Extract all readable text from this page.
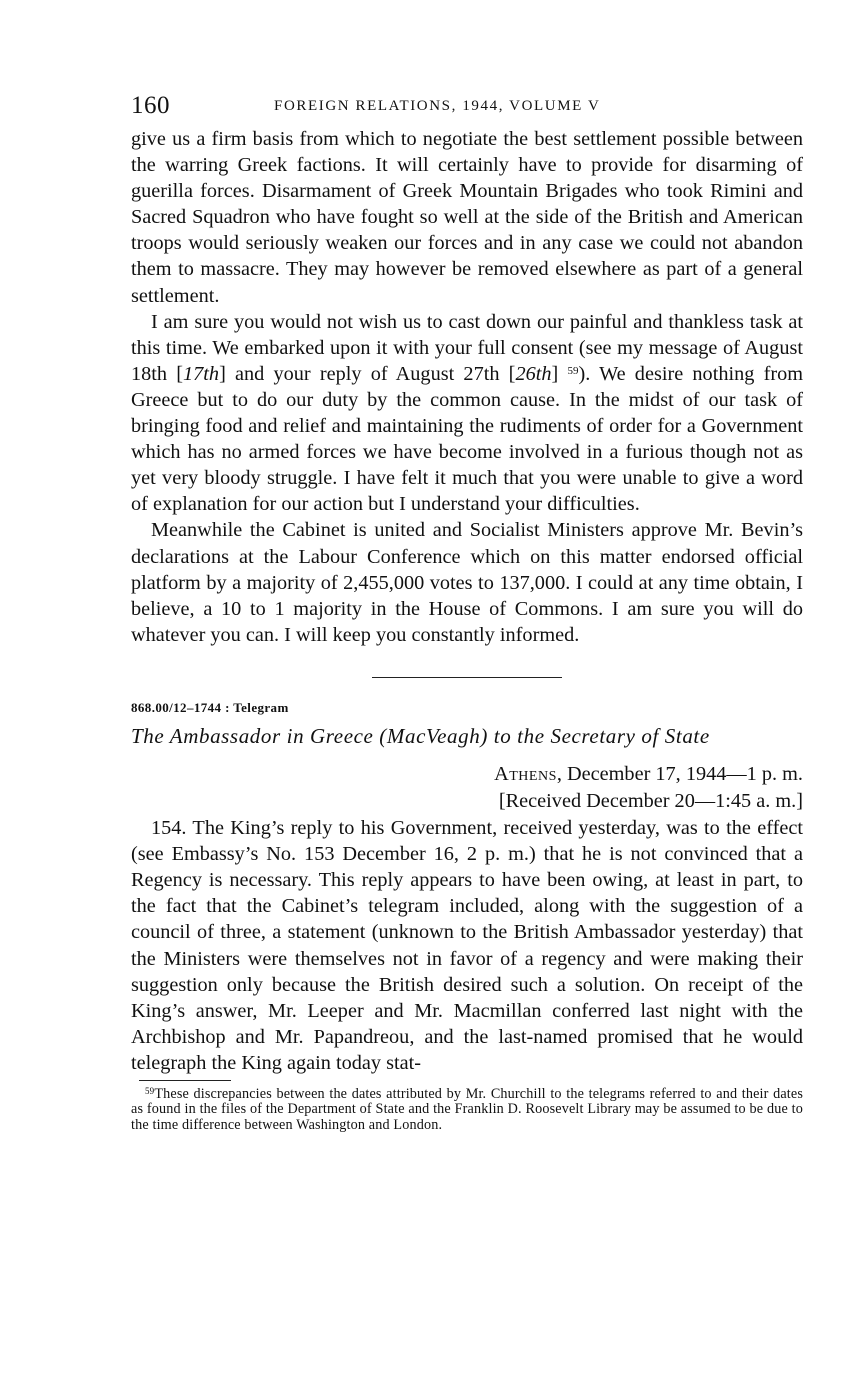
160	FOREIGN RELATIONS, 1944, VOLUME V

give us a firm basis from which to negotiate the best settlement possible between the warring Greek factions. It will certainly have to provide for disarming of guerilla forces. Disarmament of Greek Mountain Brigades who took Rimini and Sacred Squadron who have fought so well at the side of the British and American troops would seriously weaken our forces and in any case we could not abandon them to massacre. They may however be removed elsewhere as part of a general settlement.

I am sure you would not wish us to cast down our painful and thankless task at this time. We embarked upon it with your full consent (see my message of August 18th [17th] and your reply of August 27th [26th] $^{59}$). We desire nothing from Greece but to do our duty by the common cause. In the midst of our task of bringing food and relief and maintaining the rudiments of order for a Government which has no armed forces we have become involved in a furious though not as yet very bloody struggle. I have felt it much that you were unable to give a word of explanation for our action but I understand your difficulties.

Meanwhile the Cabinet is united and Socialist Ministers approve Mr. Bevin’s declarations at the Labour Conference which on this matter endorsed official platform by a majority of 2,455,000 votes to 137,000. I could at any time obtain, I believe, a 10 to 1 majority in the House of Commons. I am sure you will do whatever you can. I will keep you constantly informed.

868.00/12–1744 : Telegram
The Ambassador in Greece (MacVeagh) to the Secretary of State
Athens, December 17, 1944—1 p. m.
[Received December 20—1:45 a. m.]

154. The King’s reply to his Government, received yesterday, was to the effect (see Embassy’s No. 153 December 16, 2 p. m.) that he is not convinced that a Regency is necessary. This reply appears to have been owing, at least in part, to the fact that the Cabinet’s telegram included, along with the suggestion of a council of three, a statement (unknown to the British Ambassador yesterday) that the Ministers were themselves not in favor of a regency and were making their suggestion only because the British desired such a solution. On receipt of the King’s answer, Mr. Leeper and Mr. Macmillan conferred last night with the Archbishop and Mr. Papandreou, and the last-named promised that he would telegraph the King again today stat-

$^{59}$These discrepancies between the dates attributed by Mr. Churchill to the telegrams referred to and their dates as found in the files of the Department of State and the Franklin D. Roosevelt Library may be assumed to be due to the time difference between Washington and London.
